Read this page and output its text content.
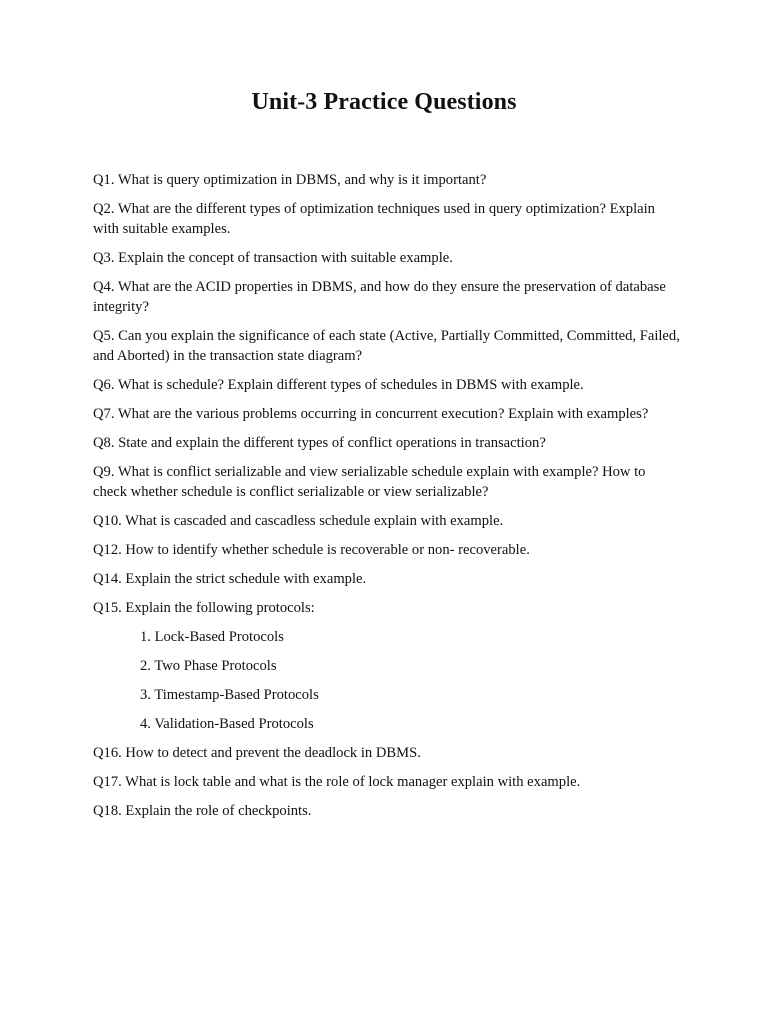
Unit-3 Practice Questions

Q1. What is query optimization in DBMS, and why is it important?

Q2. What are the different types of optimization techniques used in query optimization? Explain with suitable examples.

Q3. Explain the concept of transaction with suitable example.

Q4. What are the ACID properties in DBMS, and how do they ensure the preservation of database integrity?

Q5. Can you explain the significance of each state (Active, Partially Committed, Committed, Failed, and Aborted) in the transaction state diagram?

Q6. What is schedule? Explain different types of schedules in DBMS with example.

Q7. What are the various problems occurring in concurrent execution? Explain with examples?

Q8. State and explain the different types of conflict operations in transaction?

Q9. What is conflict serializable and view serializable schedule explain with example? How to check whether schedule is conflict serializable or view serializable?

Q10. What is cascaded and cascadless schedule explain with example.

Q12. How to identify whether schedule is recoverable or non- recoverable.

Q14. Explain the strict schedule with example.

Q15. Explain the following protocols:

1. Lock-Based Protocols

2. Two Phase Protocols

3. Timestamp-Based Protocols

4. Validation-Based Protocols

Q16. How to detect and prevent the deadlock in DBMS.

Q17. What is lock table and what is the role of lock manager explain with example.

Q18. Explain the role of checkpoints.
